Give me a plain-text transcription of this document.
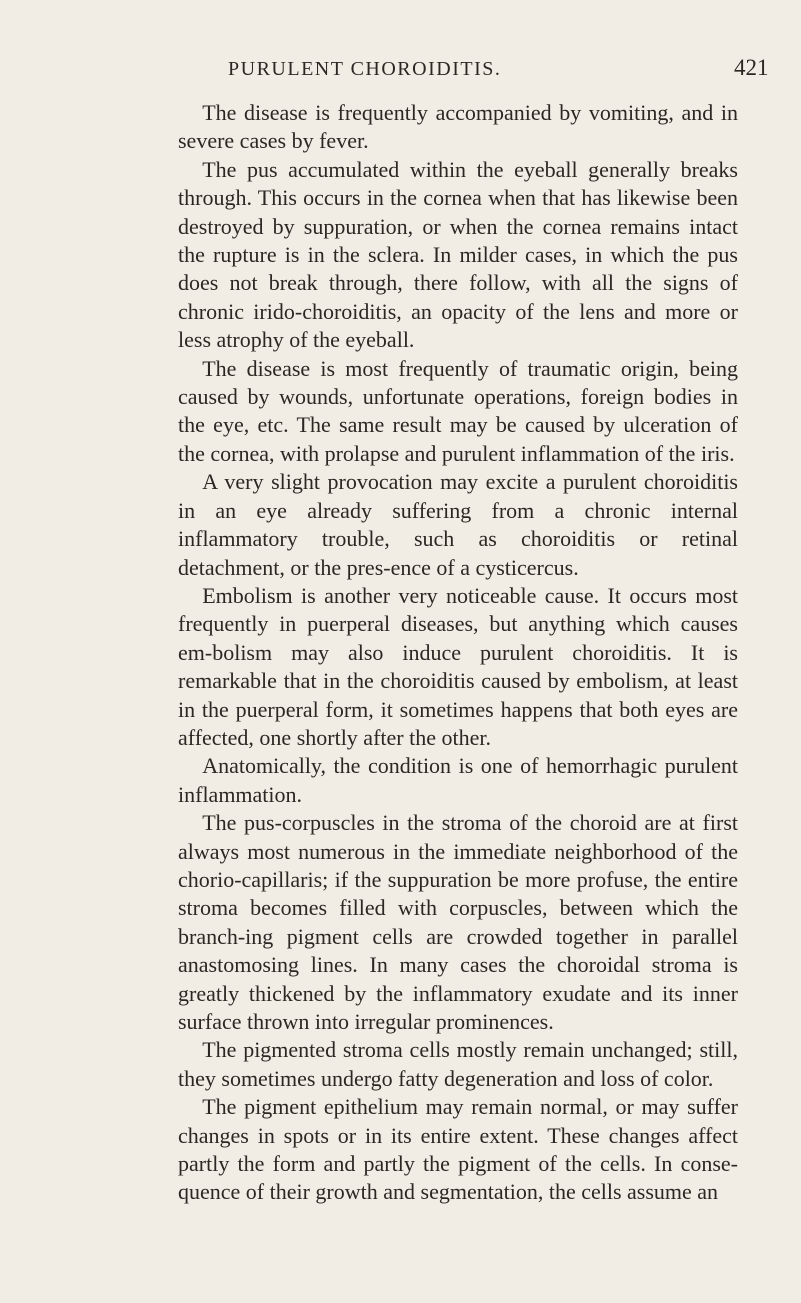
PURULENT CHOROIDITIS.	421

The disease is frequently accompanied by vomiting, and in severe cases by fever.

The pus accumulated within the eyeball generally breaks through. This occurs in the cornea when that has likewise been destroyed by suppuration, or when the cornea remains intact the rupture is in the sclera. In milder cases, in which the pus does not break through, there follow, with all the signs of chronic irido-choroiditis, an opacity of the lens and more or less atrophy of the eyeball.

The disease is most frequently of traumatic origin, being caused by wounds, unfortunate operations, foreign bodies in the eye, etc. The same result may be caused by ulceration of the cornea, with prolapse and purulent inflammation of the iris.

A very slight provocation may excite a purulent choroiditis in an eye already suffering from a chronic internal inflammatory trouble, such as choroiditis or retinal detachment, or the pres-ence of a cysticercus.

Embolism is another very noticeable cause. It occurs most frequently in puerperal diseases, but anything which causes em-bolism may also induce purulent choroiditis. It is remarkable that in the choroiditis caused by embolism, at least in the puerperal form, it sometimes happens that both eyes are affected, one shortly after the other.

Anatomically, the condition is one of hemorrhagic purulent inflammation.

The pus-corpuscles in the stroma of the choroid are at first always most numerous in the immediate neighborhood of the chorio-capillaris; if the suppuration be more profuse, the entire stroma becomes filled with corpuscles, between which the branch-ing pigment cells are crowded together in parallel anastomosing lines. In many cases the choroidal stroma is greatly thickened by the inflammatory exudate and its inner surface thrown into irregular prominences.

The pigmented stroma cells mostly remain unchanged; still, they sometimes undergo fatty degeneration and loss of color.

The pigment epithelium may remain normal, or may suffer changes in spots or in its entire extent. These changes affect partly the form and partly the pigment of the cells. In conse-quence of their growth and segmentation, the cells assume an
